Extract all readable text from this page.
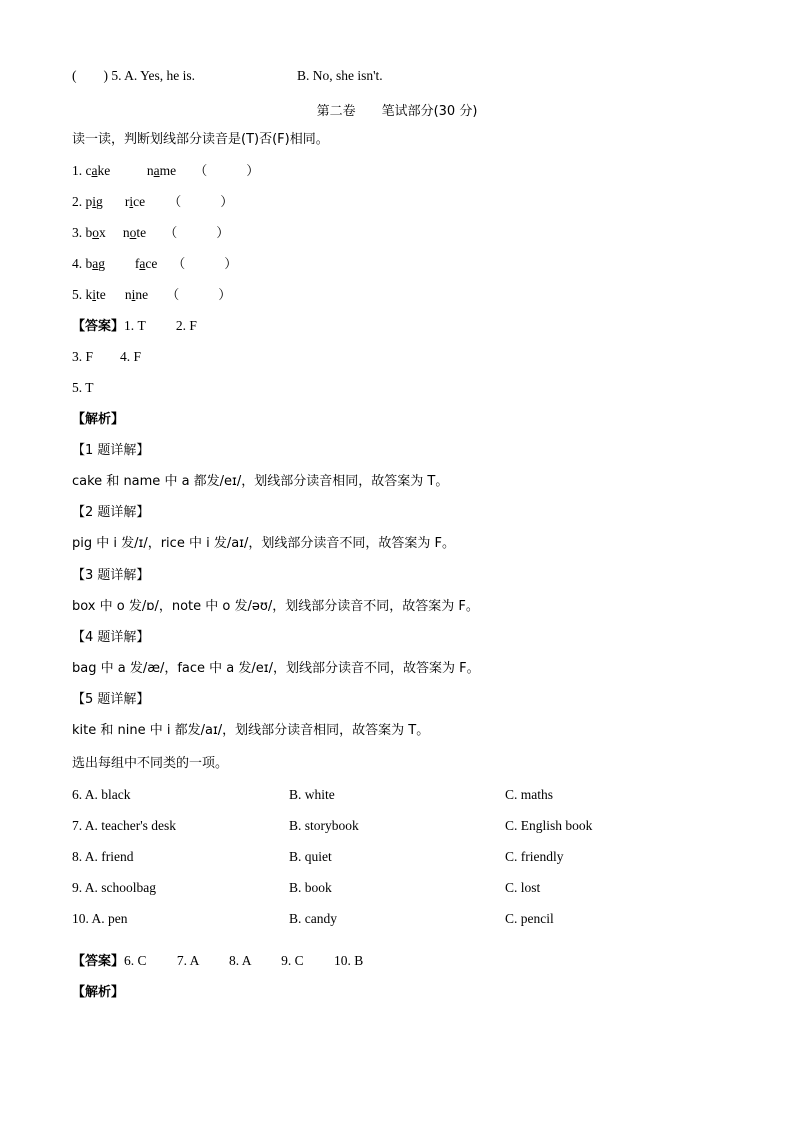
(　　) 5. A. Yes, he is.	B. No, she isn't.
第二卷　　笔试部分(30 分)
读一读，判断划线部分读音是(T)否(F)相同。
1. cake	name （　　　）
2. pig rice （　　　）
3. box note （　　　）
4. bag face （　　　）
5. kite nine （　　　）
【答案】1. T　　 2. F
3. F　　4. F
5. T
【解析】
【1 题详解】
cake 和 name 中 a 都发/eɪ/，划线部分读音相同，故答案为 T。
【2 题详解】
pig 中 i 发/ɪ/，rice 中 i 发/aɪ/，划线部分读音不同，故答案为 F。
【3 题详解】
box 中 o 发/ɒ/，note 中 o 发/əʊ/，划线部分读音不同，故答案为 F。
【4 题详解】
bag 中 a 发/æ/，face 中 a 发/eɪ/，划线部分读音不同，故答案为 F。
【5 题详解】
kite 和 nine 中 i 都发/aɪ/，划线部分读音相同，故答案为 T。
选出每组中不同类的一项。
6. A. black	B. white	C. maths
7. A. teacher's desk	B. storybook	C. English book
8. A. friend	B. quiet	C. friendly
9. A. schoolbag	B. book	C. lost
10. A. pen	B. candy	C. pencil
【答案】6. C　　 7. A　　 8. A　　 9. C　　 10. B
【解析】
